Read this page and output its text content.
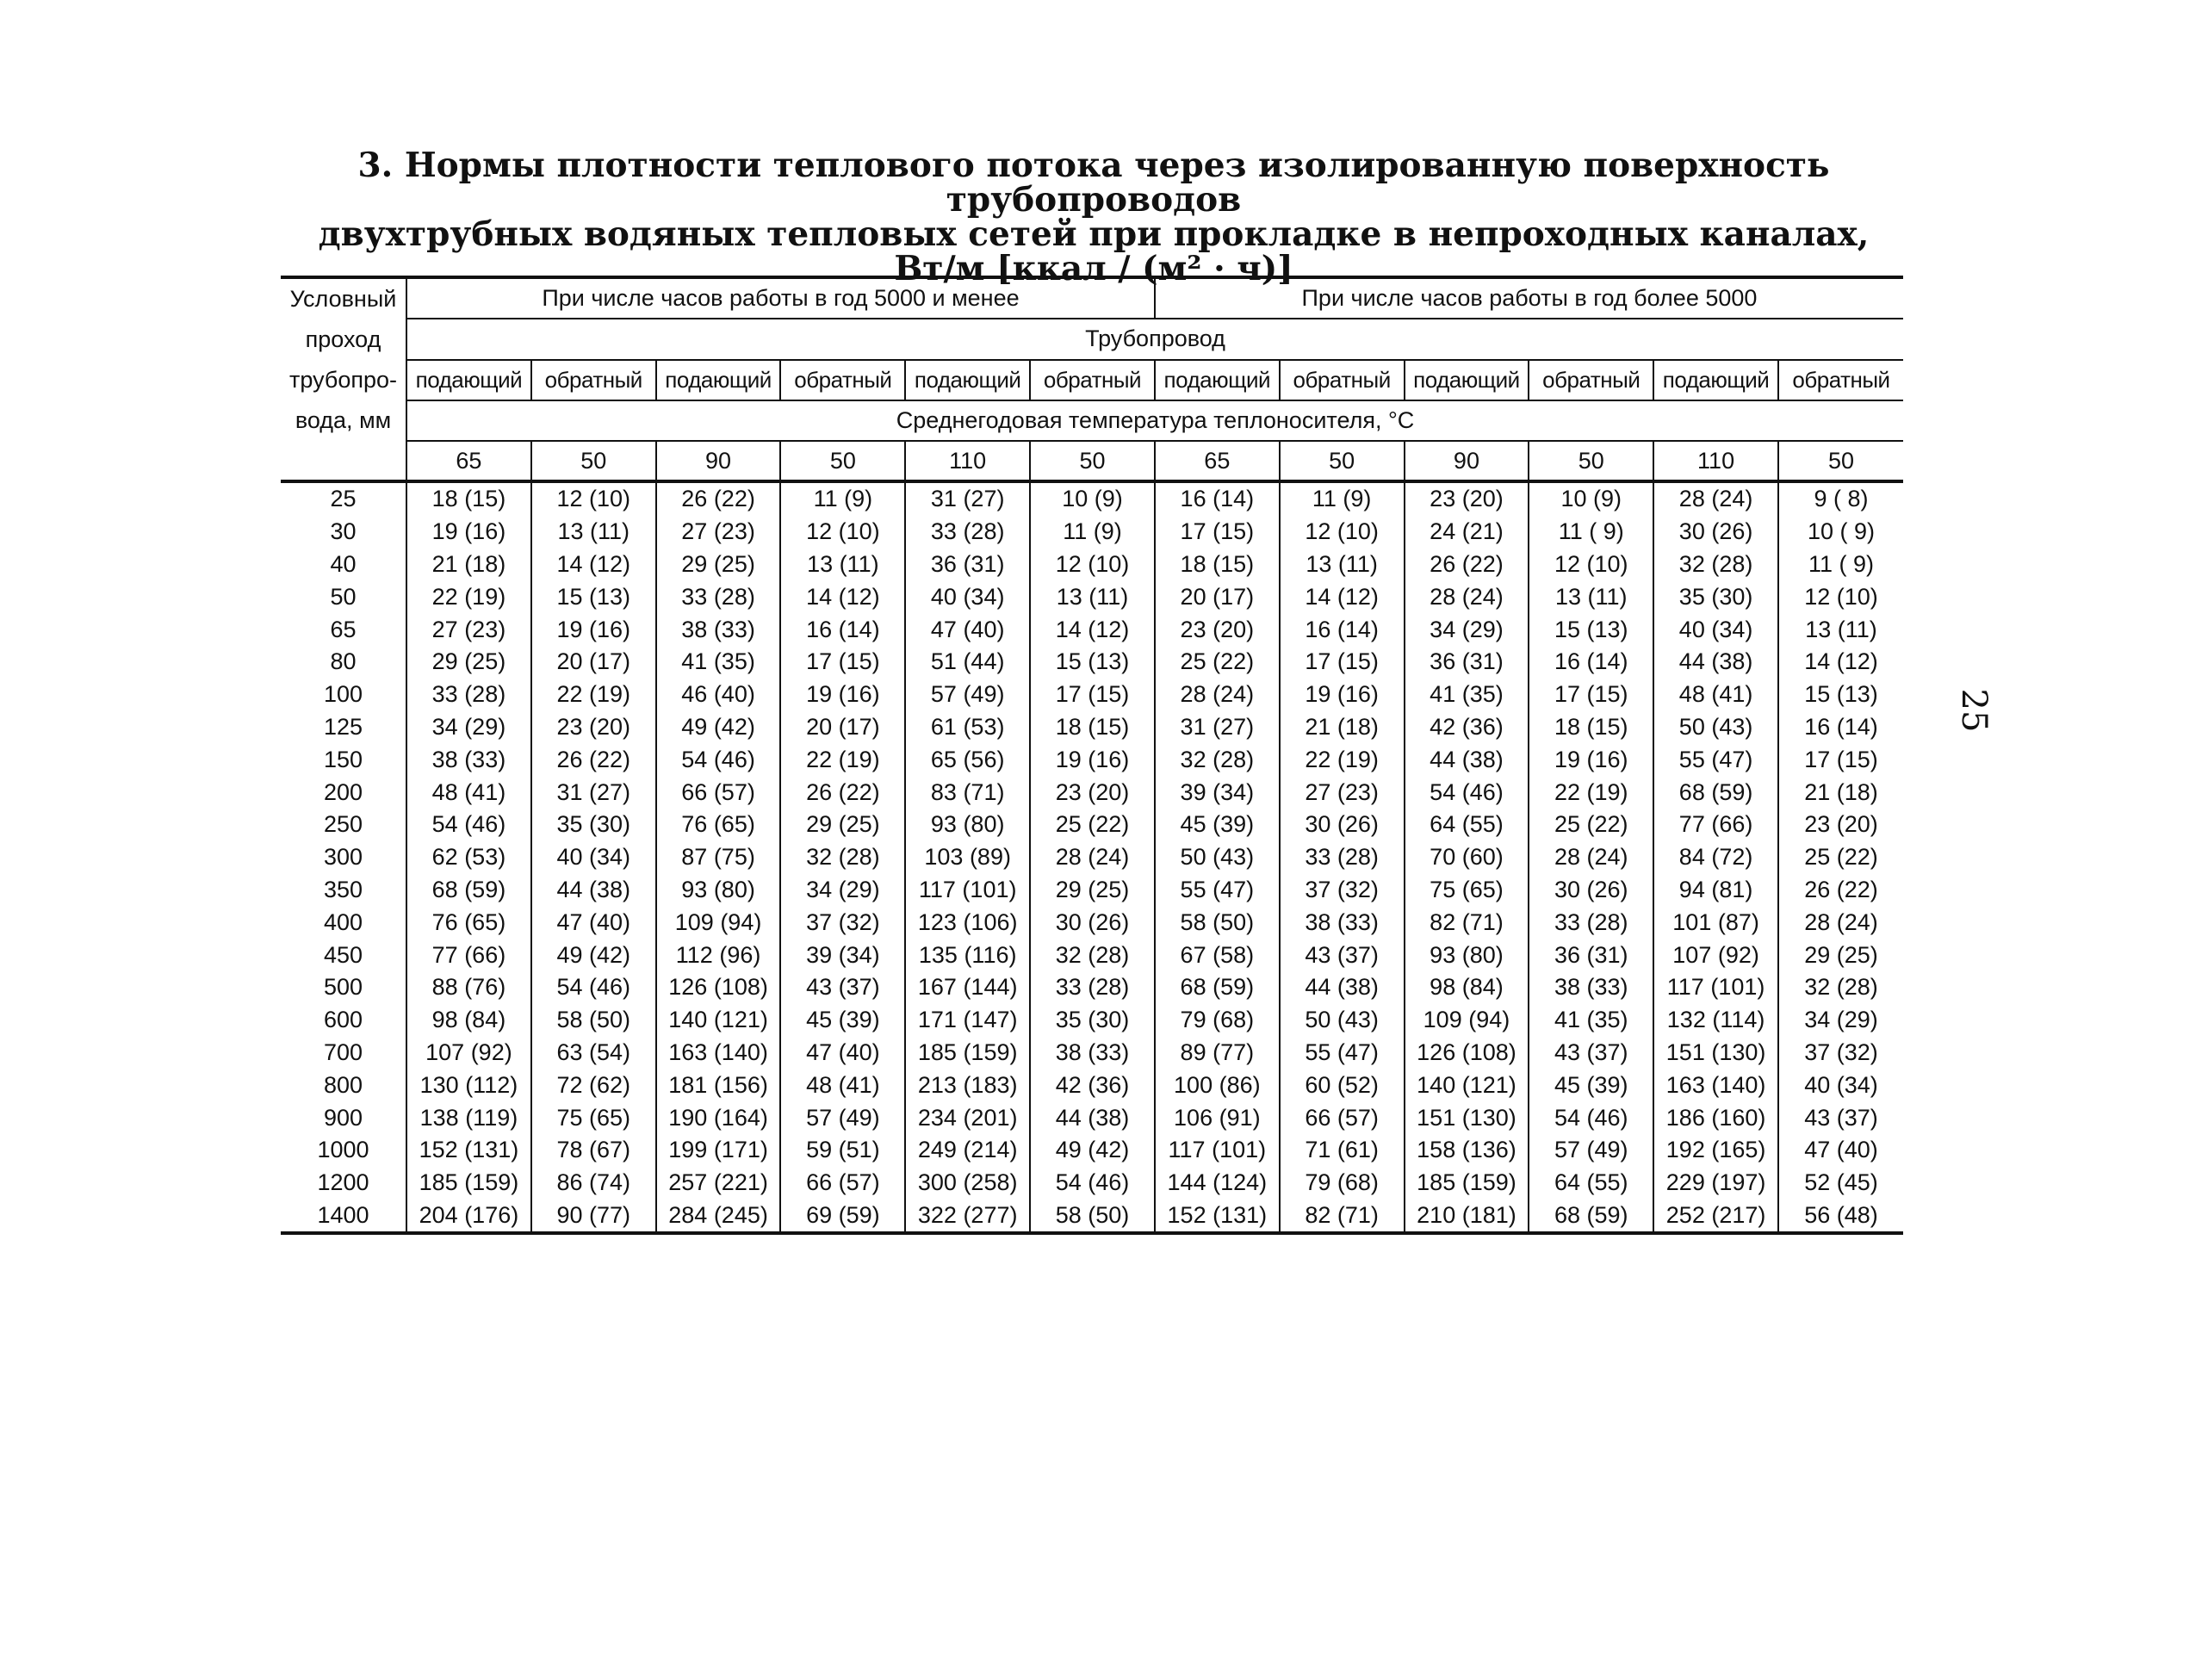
3. Нормы плотности теплового потока через изолированную поверхность трубопроводов
двухтрубных водяных тепловых сетей при прокладке в непроходных каналах,
Вт/м [ккал / (м² · ч)]
Условный проход трубопро- вода, мм	При числе часов работы в год 5000 и менее						При числе часов работы в год более 5000					
	Трубопровод											
	подающий	обратный	подающий	обратный	подающий	обратный	подающий	обратный	подающий	обратный	подающий	обратный
	Среднегодовая температура теплоносителя, °С											
	65	50	90	50	110	50	65	50	90	50	110	50
25	18 (15)	12 (10)	26 (22)	11 (9)	31 (27)	10 (9)	16 (14)	11 (9)	23 (20)	10 (9)	28 (24)	9 ( 8)
30	19 (16)	13 (11)	27 (23)	12 (10)	33 (28)	11 (9)	17 (15)	12 (10)	24 (21)	11 ( 9)	30 (26)	10 ( 9)
40	21 (18)	14 (12)	29 (25)	13 (11)	36 (31)	12 (10)	18 (15)	13 (11)	26 (22)	12 (10)	32 (28)	11 ( 9)
50	22 (19)	15 (13)	33 (28)	14 (12)	40 (34)	13 (11)	20 (17)	14 (12)	28 (24)	13 (11)	35 (30)	12 (10)
65	27 (23)	19 (16)	38 (33)	16 (14)	47 (40)	14 (12)	23 (20)	16 (14)	34 (29)	15 (13)	40 (34)	13 (11)
80	29 (25)	20 (17)	41 (35)	17 (15)	51 (44)	15 (13)	25 (22)	17 (15)	36 (31)	16 (14)	44 (38)	14 (12)
100	33 (28)	22 (19)	46 (40)	19 (16)	57 (49)	17 (15)	28 (24)	19 (16)	41 (35)	17 (15)	48 (41)	15 (13)
125	34 (29)	23 (20)	49 (42)	20 (17)	61 (53)	18 (15)	31 (27)	21 (18)	42 (36)	18 (15)	50 (43)	16 (14)
150	38 (33)	26 (22)	54 (46)	22 (19)	65 (56)	19 (16)	32 (28)	22 (19)	44 (38)	19 (16)	55 (47)	17 (15)
200	48 (41)	31 (27)	66 (57)	26 (22)	83 (71)	23 (20)	39 (34)	27 (23)	54 (46)	22 (19)	68 (59)	21 (18)
250	54 (46)	35 (30)	76 (65)	29 (25)	93 (80)	25 (22)	45 (39)	30 (26)	64 (55)	25 (22)	77 (66)	23 (20)
300	62 (53)	40 (34)	87 (75)	32 (28)	103 (89)	28 (24)	50 (43)	33 (28)	70 (60)	28 (24)	84 (72)	25 (22)
350	68 (59)	44 (38)	93 (80)	34 (29)	117 (101)	29 (25)	55 (47)	37 (32)	75 (65)	30 (26)	94 (81)	26 (22)
400	76 (65)	47 (40)	109 (94)	37 (32)	123 (106)	30 (26)	58 (50)	38 (33)	82 (71)	33 (28)	101 (87)	28 (24)
450	77 (66)	49 (42)	112 (96)	39 (34)	135 (116)	32 (28)	67 (58)	43 (37)	93 (80)	36 (31)	107 (92)	29 (25)
500	88 (76)	54 (46)	126 (108)	43 (37)	167 (144)	33 (28)	68 (59)	44 (38)	98 (84)	38 (33)	117 (101)	32 (28)
600	98 (84)	58 (50)	140 (121)	45 (39)	171 (147)	35 (30)	79 (68)	50 (43)	109 (94)	41 (35)	132 (114)	34 (29)
700	107 (92)	63 (54)	163 (140)	47 (40)	185 (159)	38 (33)	89 (77)	55 (47)	126 (108)	43 (37)	151 (130)	37 (32)
800	130 (112)	72 (62)	181 (156)	48 (41)	213 (183)	42 (36)	100 (86)	60 (52)	140 (121)	45 (39)	163 (140)	40 (34)
900	138 (119)	75 (65)	190 (164)	57 (49)	234 (201)	44 (38)	106 (91)	66 (57)	151 (130)	54 (46)	186 (160)	43 (37)
1000	152 (131)	78 (67)	199 (171)	59 (51)	249 (214)	49 (42)	117 (101)	71 (61)	158 (136)	57 (49)	192 (165)	47 (40)
1200	185 (159)	86 (74)	257 (221)	66 (57)	300 (258)	54 (46)	144 (124)	79 (68)	185 (159)	64 (55)	229 (197)	52 (45)
1400	204 (176)	90 (77)	284 (245)	69 (59)	322 (277)	58 (50)	152 (131)	82 (71)	210 (181)	68 (59)	252 (217)	56 (48)
25
